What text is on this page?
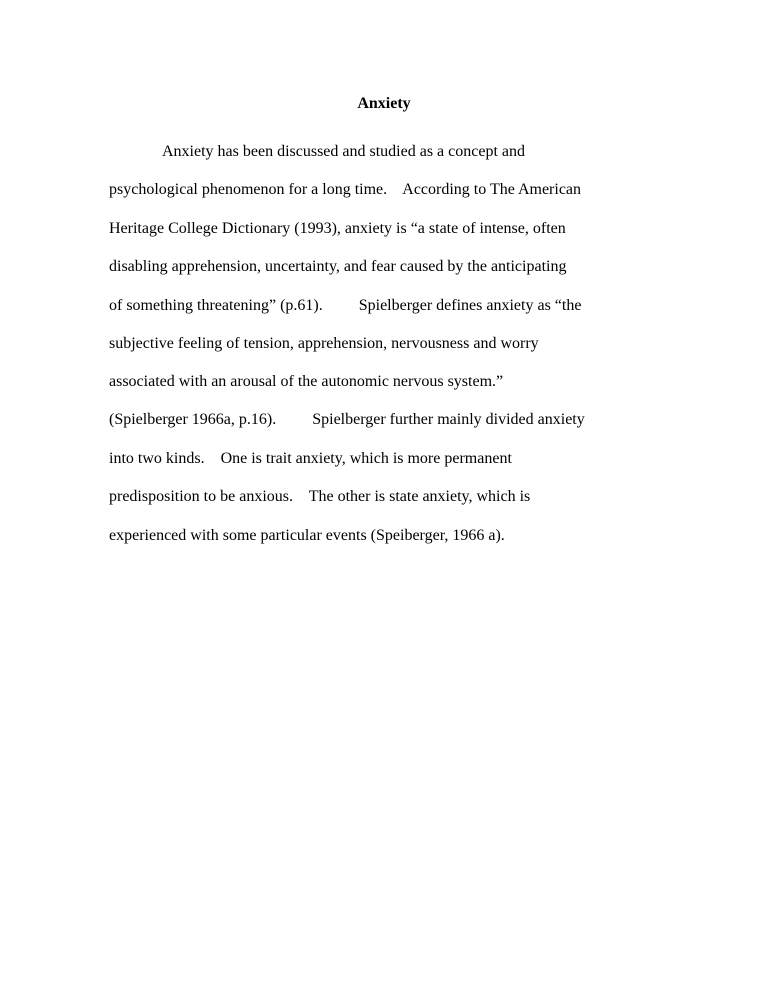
Anxiety
Anxiety has been discussed and studied as a concept and
psychological phenomenon for a long time.    According to The American
Heritage College Dictionary (1993), anxiety is “a state of intense, often
disabling apprehension, uncertainty, and fear caused by the anticipating
of something threatening” (p.61).         Spielberger defines anxiety as “the
subjective feeling of tension, apprehension, nervousness and worry
associated with an arousal of the autonomic nervous system.”
(Spielberger 1966a, p.16).         Spielberger further mainly divided anxiety
into two kinds.    One is trait anxiety, which is more permanent
predisposition to be anxious.    The other is state anxiety, which is
experienced with some particular events (Speiberger, 1966 a).
